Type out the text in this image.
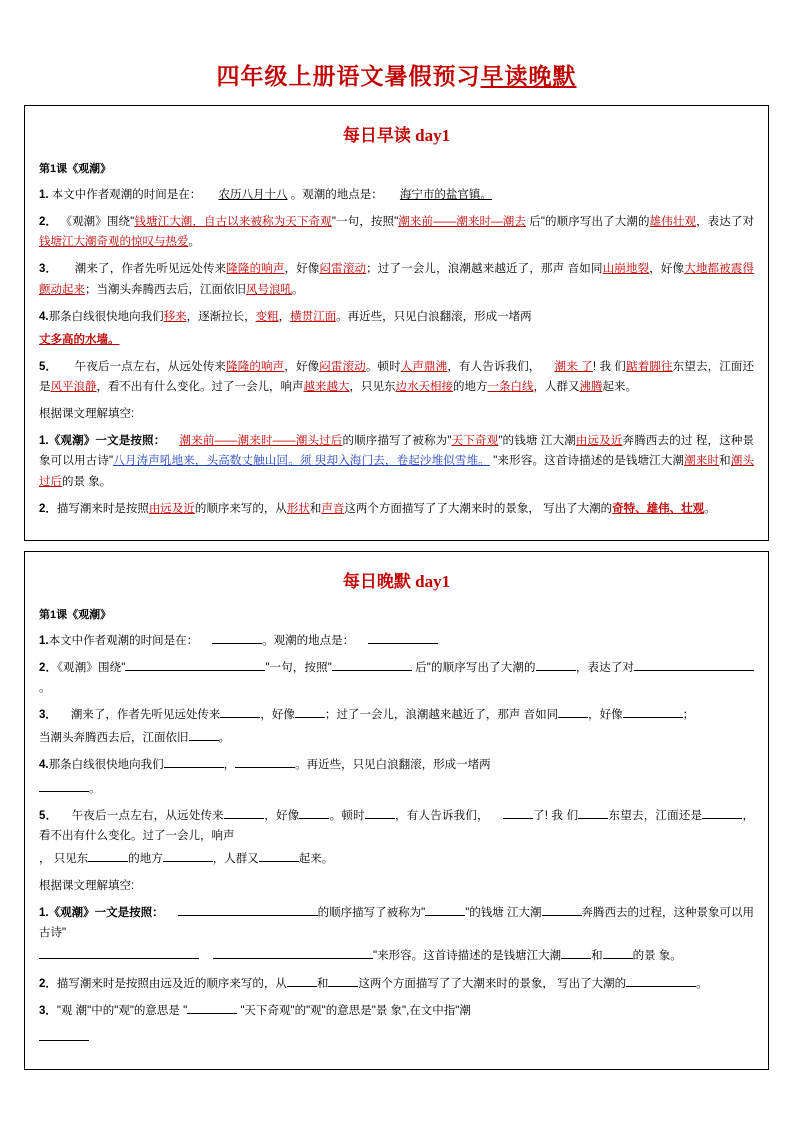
四年级上册语文暑假预习早读晚默
每日早读 day1
第1课《观潮》

1. 本文中作者观潮的时间是在： 农历八月十八 。观潮的地点是： 海宁市的盐官镇。

2． 《观潮》围绕"钱塘江大潮，自古以来被称为天下奇观"一句，按照"潮来前——潮来时—潮去 后"的顺序写出了大潮的雄伟壮观，表达了对钱塘江大潮奇观的惊叹与热爱。

3． 潮来了，作者先听见远处传来隆隆的响声，好像闷雷滚动；过了一会儿，浪潮越来越近了，那声 音如同山崩地裂，好像大地都被震得颤动起来；当潮头奔腾西去后，江面依旧风号浪吼。

4.那条白线很快地向我们移来，逐渐拉长，变粗，横贯江面。再近些，只见白浪翻滚，形成一堵两

丈多高的水墙。

5． 午夜后一点左右，从远处传来隆隆的响声，好像闷雷滚动。顿时人声鼎沸，有人告诉我们， 潮来 了! 我 们踮着脚往东望去，江面还是风平浪静，看不出有什么变化。过了一会儿，响声越来越大，只见东边水天相接的地方一条白线，人群又沸腾起来。

根据课文理解填空:

1.《观潮》一文是按照： 潮来前——潮来时——潮头过后的顺序描写了被称为"天下奇观"的钱塘 江大潮由远及近奔腾西去的过 程，这种景象可以用古诗"八月涛声吼地来，头高数丈触山回。须 臾却入海门去，卷起沙堆似雪堆。 "来形容。这首诗描述的是钱塘江大潮潮来时和潮头过后的景 象。

2．描写潮来时是按照由远及近的顺序来写的，从形状和声音这两个方面描写了了大潮来时的景象， 写出了大潮的奇特、雄伟、壮观。

每日晚默 day1
第1课《观潮》

1.本文中作者观潮的时间是在：	。观潮的地点是：

2．《观潮》围绕"	"一句，按照"	后"的顺序写出了大潮的	，表达了对。

3． 潮来了，作者先听见远处传来	，好像	；过了一会儿，浪潮越来越近了，那声 音如同	，好像	；

当潮头奔腾西去后，江面依旧	。

4.那条白线很快地向我们	，	。再近些，只见白浪翻滚，形成一堵两

。

5． 午夜后一点左右，从远处传来	，好像	。顿时	，有人告诉我们，	了! 我 们	东望去，江面还是	，看不出有什么变化。过了一会儿，响声

， 只见东	的地方	，人群又	起来。

根据课文理解填空:

1.《观潮》一文是按照：	的顺序描写了被称为"	"的钱塘 江大潮	奔腾西去的过程，这种景象可以用古诗"

"来形容。这首诗描述的是钱塘江大潮	和	的景 象。

2．描写潮来时是按照由远及近的顺序来写的，从	和	这两个方面描写了了大潮来时的景象， 写出了大潮的	。

3．"观 潮"中的"观"的意思是 "	"天下奇观"的"观"的意思是"景 象",在文中指"潮
